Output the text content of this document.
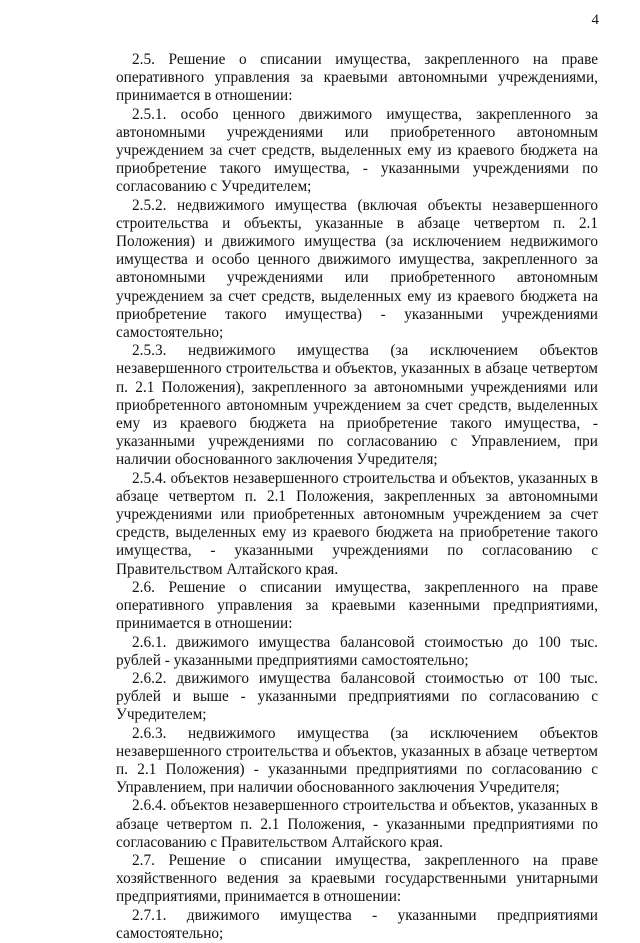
4

2.5. Решение о списании имущества, закрепленного на праве оперативного управления за краевыми автономными учреждениями, принимается в отношении:

2.5.1. особо ценного движимого имущества, закрепленного за автономными учреждениями или приобретенного автономным учреждением за счет средств, выделенных ему из краевого бюджета на приобретение такого имущества, - указанными учреждениями по согласованию с Учредителем;

2.5.2. недвижимого имущества (включая объекты незавершенного строительства и объекты, указанные в абзаце четвертом п. 2.1 Положения) и движимого имущества (за исключением недвижимого имущества и особо ценного движимого имущества, закрепленного за автономными учреждениями или приобретенного автономным учреждением за счет средств, выделенных ему из краевого бюджета на приобретение такого имущества) - указанными учреждениями самостоятельно;

2.5.3. недвижимого имущества (за исключением объектов незавершенного строительства и объектов, указанных в абзаце четвертом п. 2.1 Положения), закрепленного за автономными учреждениями или приобретенного автономным учреждением за счет средств, выделенных ему из краевого бюджета на приобретение такого имущества, - указанными учреждениями по согласованию с Управлением, при наличии обоснованного заключения Учредителя;

2.5.4. объектов незавершенного строительства и объектов, указанных в абзаце четвертом п. 2.1 Положения, закрепленных за автономными учреждениями или приобретенных автономным учреждением за счет средств, выделенных ему из краевого бюджета на приобретение такого имущества, - указанными учреждениями по согласованию с Правительством Алтайского края.

2.6. Решение о списании имущества, закрепленного на праве оперативного управления за краевыми казенными предприятиями, принимается в отношении:

2.6.1. движимого имущества балансовой стоимостью до 100 тыс. рублей - указанными предприятиями самостоятельно;

2.6.2. движимого имущества балансовой стоимостью от 100 тыс. рублей и выше - указанными предприятиями по согласованию с Учредителем;

2.6.3. недвижимого имущества (за исключением объектов незавершенного строительства и объектов, указанных в абзаце четвертом п. 2.1 Положения) - указанными предприятиями по согласованию с Управлением, при наличии обоснованного заключения Учредителя;

2.6.4. объектов незавершенного строительства и объектов, указанных в абзаце четвертом п. 2.1 Положения, - указанными предприятиями по согласованию с Правительством Алтайского края.

2.7. Решение о списании имущества, закрепленного на праве хозяйственного ведения за краевыми государственными унитарными предприятиями, принимается в отношении:

2.7.1. движимого имущества - указанными предприятиями самостоятельно;
